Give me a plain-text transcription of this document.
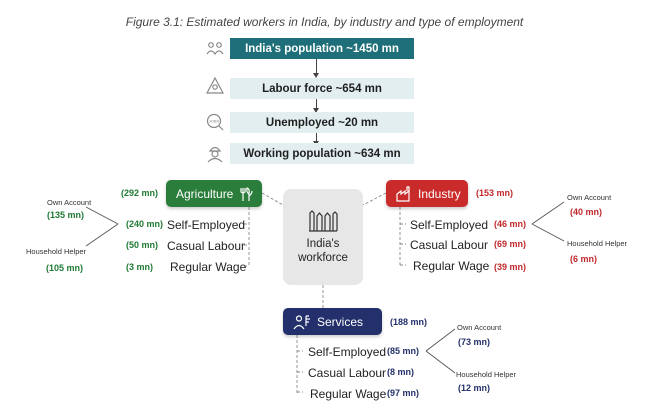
Figure 3.1: Estimated workers in India, by industry and type of employment
JOBS
India's population ~1450 mn
Labour force ~654 mn
Unemployed ~20 mn
Working population ~634 mn
India's
workforce
(292 mn) Agriculture
Self-Employed
(240 mn)
Casual Labour
(50 mn)
Regular Wage
(3 mn)
Own Account
(135 mn)
Household Helper
(105 mn)
Industry (153 mn)
Self-Employed (46 mn)
Casual Labour (69 mn)
Regular Wage (39 mn)
Own Account
(40 mn)
Household Helper
(6 mn)
Services	(188 mn)
Self-Employed (85 mn)
Casual Labour (8 mn)
Regular Wage (97 mn)
Own Account
(73 mn)
Household Helper
(12 mn)
